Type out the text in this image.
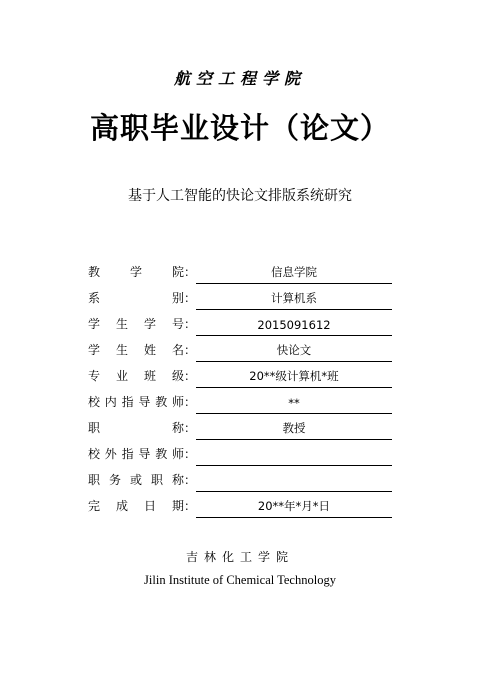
航空工程学院
高职毕业设计（论文）
基于人工智能的快论文排版系统研究
教 学 院 ：	信息学院
系	别 ：	计算机系
学 生 学 号 ：	2015091612
学 生 姓 名 ：	快论文
专 业 班 级 ：	20**级计算机*班
校 内 指 导 教 师 ：	**
职	称 ：	教授
校 外 指 导 教 师 ：
职 务 或 职 称 ：
完 成 日 期 ：	20**年*月*日
吉林化工学院
Jilin Institute of Chemical Technology
